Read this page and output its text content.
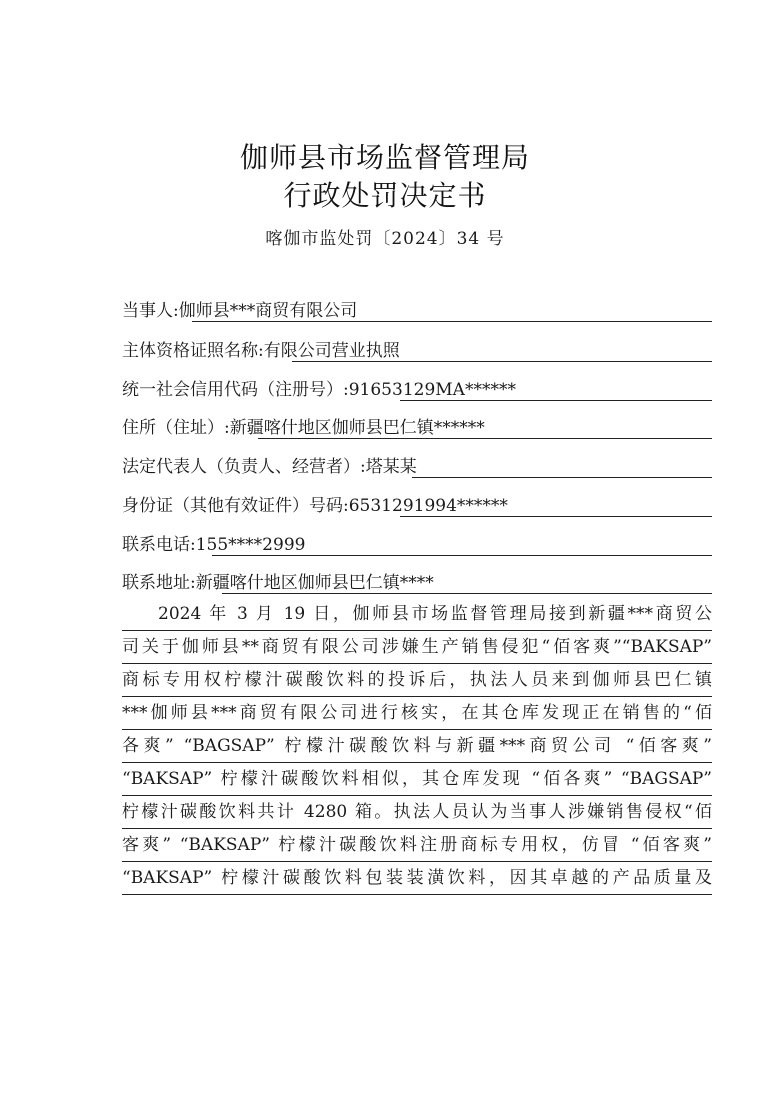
伽师县市场监督管理局
行政处罚决定书
喀伽市监处罚〔2024〕34 号
当事人:伽师县***商贸有限公司
主体资格证照名称:有限公司营业执照
统一社会信用代码（注册号）:91653129MA******
住所（住址）:新疆喀什地区伽师县巴仁镇******
法定代表人（负责人、经营者）:塔某某
身份证（其他有效证件）号码:6531291994******
联系电话:155****2999
联系地址:新疆喀什地区伽师县巴仁镇****
2024 年 3 月 19 日，伽师县市场监督管理局接到新疆***商贸公
司关于伽师县**商贸有限公司涉嫌生产销售侵犯“佰客爽”“BAKSAP”
商标专用权柠檬汁碳酸饮料的投诉后，执法人员来到伽师县巴仁镇
***伽师县***商贸有限公司进行核实，在其仓库发现正在销售的“佰
各爽” “BAGSAP” 柠檬汁碳酸饮料与新疆***商贸公司 “佰客爽”
“BAKSAP” 柠檬汁碳酸饮料相似，其仓库发现 “佰各爽” “BAGSAP”
柠檬汁碳酸饮料共计 4280 箱。执法人员认为当事人涉嫌销售侵权“佰
客爽” “BAKSAP” 柠檬汁碳酸饮料注册商标专用权，仿冒 “佰客爽”
“BAKSAP” 柠檬汁碳酸饮料包装装潢饮料，因其卓越的产品质量及
